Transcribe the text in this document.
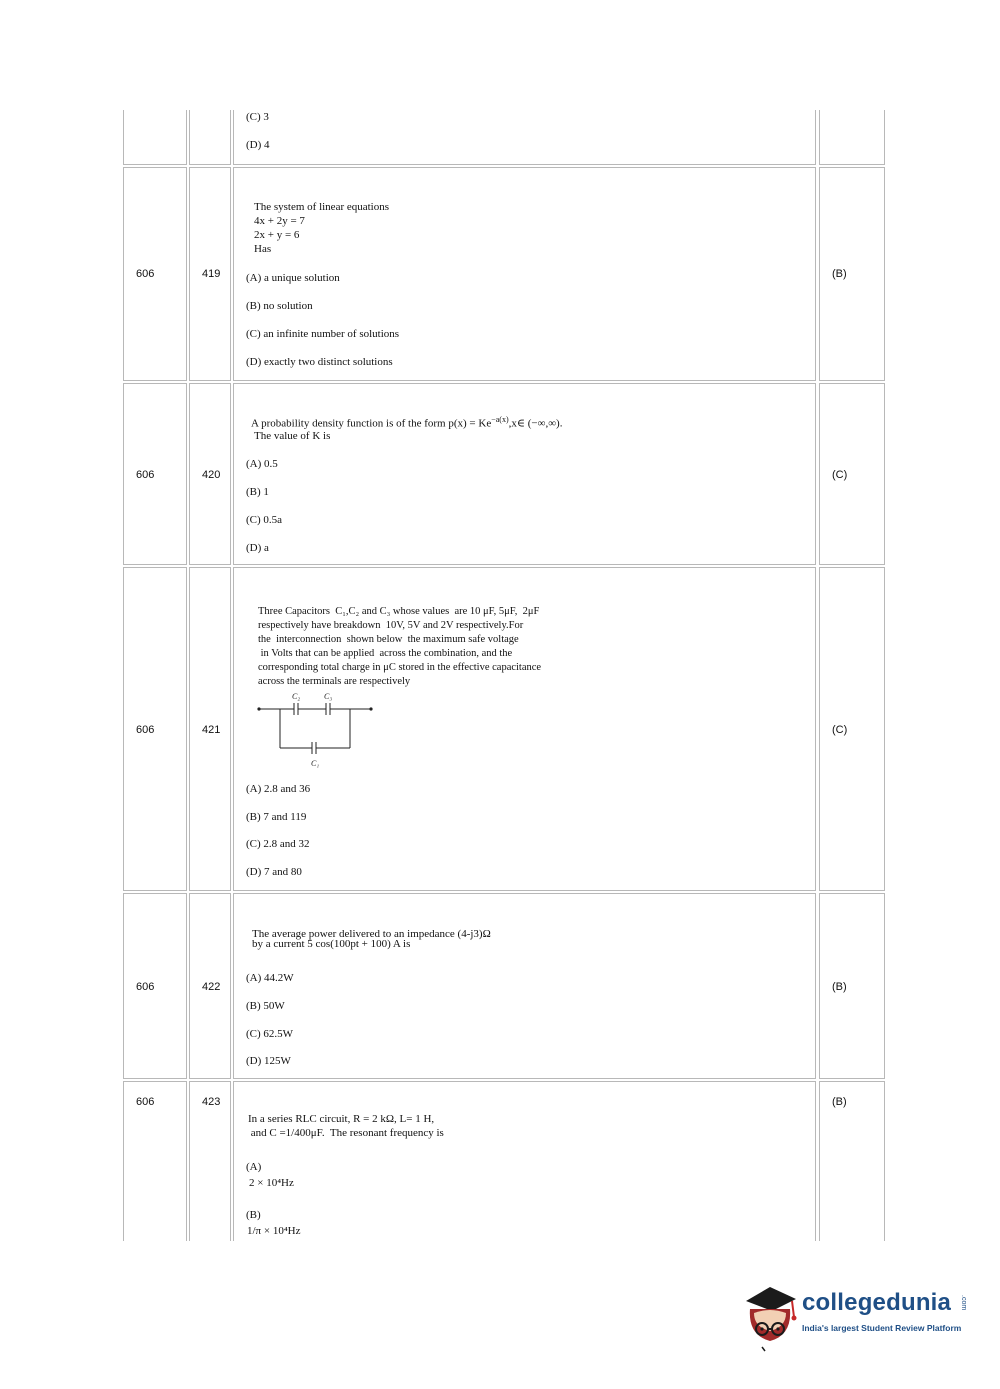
(C) 3
(D) 4
606	419
The system of linear equations
4x + 2y = 7
2x + y = 6
Has
(A) a unique solution
(B) no solution
(C) an infinite number of solutions
(D) exactly two distinct solutions
(B)
606	420
A probability density function is of the form $p(x) = Ke^{-a(x)},x\in$ (−∞,∞).
The value of K is
(A) 0.5
(B) 1
(C) 0.5a
(D) a
(C)
606	421
Three Capacitors  C₁,C₂ and C₃ whose values  are 10 μF, 5μF,  2μF
respectively have breakdown  10V, 5V and 2V respectively.For
the  interconnection  shown below  the maximum safe voltage
in Volts that can be applied  across the combination, and the
corresponding total charge in μC stored in the effective capacitance
across the terminals are respectively
C₂	C₃
C₁
(A) 2.8 and 36
(B) 7 and 119
(C) 2.8 and 32
(D) 7 and 80
(C)
606	422
The average power delivered to an impedance (4-j3)Ω
by a current 5 cos(100pt + 100) A is
(A) 44.2W
(B) 50W
(C) 62.5W
(D) 125W
(B)
606	423
In a series RLC circuit, R = 2 kΩ, L= 1 H,
and C =1/400μF.  The resonant frequency is
(A)
2 × 10⁴Hz
(B)
1/π × 10⁴Hz
(B)
collegedunia .com
India's largest Student Review Platform
